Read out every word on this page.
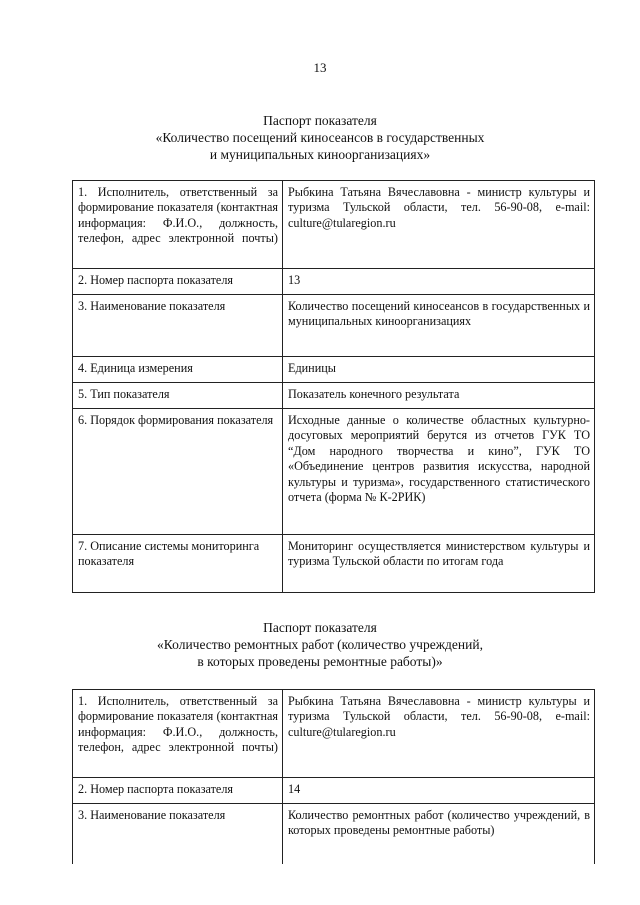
13
Паспорт показателя
«Количество посещений киносеансов в государственных
и муниципальных киноорганизациях»
1. Исполнитель, ответственный за формирование показателя (контактная информация: Ф.И.О., должность, телефон, адрес электронной почты)	Рыбкина Татьяна Вячеславовна - министр культуры и туризма Тульской области, тел. 56-90-08, e-mail: culture@tularegion.ru
2. Номер паспорта показателя	13
3. Наименование показателя	Количество посещений киносеансов в государственных и муниципальных киноорганизациях
4. Единица измерения	Единицы
5. Тип показателя	Показатель конечного результата
6. Порядок формирования показателя	Исходные данные о количестве областных культурно-досуговых мероприятий берутся из отчетов ГУК ТО “Дом народного творчества и кино”, ГУК ТО «Объединение центров развития искусства, народной культуры и туризма», государственного статистического отчета (форма № К-2РИК)
7. Описание системы мониторинга показателя	Мониторинг осуществляется министерством культуры и туризма Тульской области по итогам года
Паспорт показателя
«Количество ремонтных работ (количество учреждений,
в которых проведены ремонтные работы)»
1. Исполнитель, ответственный за формирование показателя (контактная информация: Ф.И.О., должность, телефон, адрес электронной почты)	Рыбкина Татьяна Вячеславовна - министр культуры и туризма Тульской области, тел. 56-90-08, e-mail: culture@tularegion.ru
2. Номер паспорта показателя	14
3. Наименование показателя	Количество ремонтных работ (количество учреждений, в которых проведены ремонтные работы)
